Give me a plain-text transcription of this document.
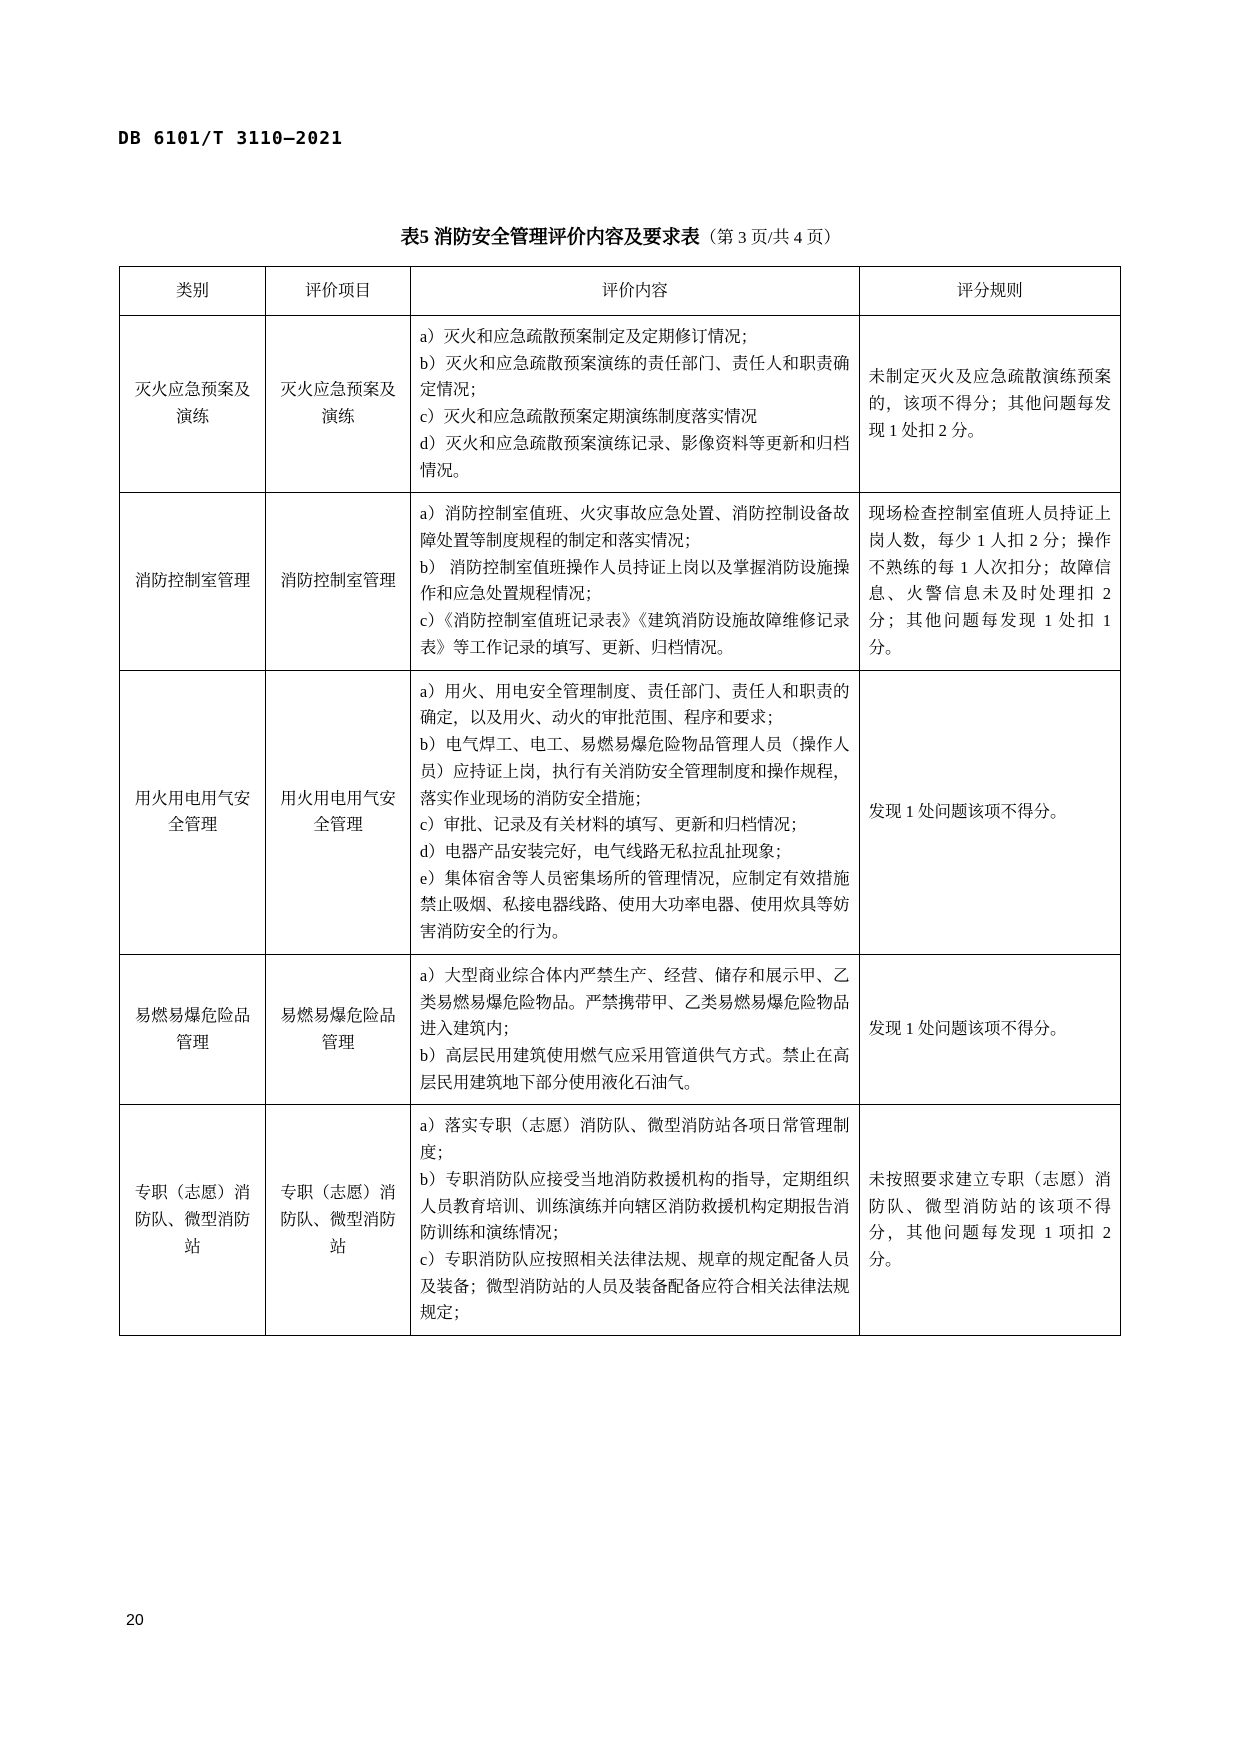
DB 6101/T 3110—2021
表5 消防安全管理评价内容及要求表（第 3 页/共 4 页）
类别	评价项目	评价内容	评分规则
灭火应急预案及演练	灭火应急预案及演练	a）灭火和应急疏散预案制定及定期修订情况；
b）灭火和应急疏散预案演练的责任部门、责任人和职责确定情况；
c）灭火和应急疏散预案定期演练制度落实情况
d）灭火和应急疏散预案演练记录、影像资料等更新和归档情况。	未制定灭火及应急疏散演练预案的，该项不得分；其他问题每发现 1 处扣 2 分。
消防控制室管理	消防控制室管理	a）消防控制室值班、火灾事故应急处置、消防控制设备故障处置等制度规程的制定和落实情况；
b） 消防控制室值班操作人员持证上岗以及掌握消防设施操作和应急处置规程情况；
c）《消防控制室值班记录表》《建筑消防设施故障维修记录表》等工作记录的填写、更新、归档情况。	现场检查控制室值班人员持证上岗人数，每少 1 人扣 2 分；操作不熟练的每 1 人次扣分；故障信息、火警信息未及时处理扣 2 分；其他问题每发现 1 处扣 1 分。
用火用电用气安全管理	用火用电用气安全管理	a）用火、用电安全管理制度、责任部门、责任人和职责的确定，以及用火、动火的审批范围、程序和要求；
b）电气焊工、电工、易燃易爆危险物品管理人员（操作人员）应持证上岗，执行有关消防安全管理制度和操作规程，落实作业现场的消防安全措施；
c）审批、记录及有关材料的填写、更新和归档情况；
d）电器产品安装完好，电气线路无私拉乱扯现象；
e）集体宿舍等人员密集场所的管理情况，应制定有效措施禁止吸烟、私接电器线路、使用大功率电器、使用炊具等妨害消防安全的行为。	发现 1 处问题该项不得分。
易燃易爆危险品管理	易燃易爆危险品管理	a）大型商业综合体内严禁生产、经营、储存和展示甲、乙类易燃易爆危险物品。严禁携带甲、乙类易燃易爆危险物品进入建筑内；
b）高层民用建筑使用燃气应采用管道供气方式。禁止在高层民用建筑地下部分使用液化石油气。	发现 1 处问题该项不得分。
专职（志愿）消防队、微型消防站	专职（志愿）消防队、微型消防站	a）落实专职（志愿）消防队、微型消防站各项日常管理制度；
b）专职消防队应接受当地消防救援机构的指导，定期组织人员教育培训、训练演练并向辖区消防救援机构定期报告消防训练和演练情况；
c）专职消防队应按照相关法律法规、规章的规定配备人员及装备；微型消防站的人员及装备配备应符合相关法律法规规定；	未按照要求建立专职（志愿）消防队、微型消防站的该项不得分，其他问题每发现 1 项扣 2 分。
20
